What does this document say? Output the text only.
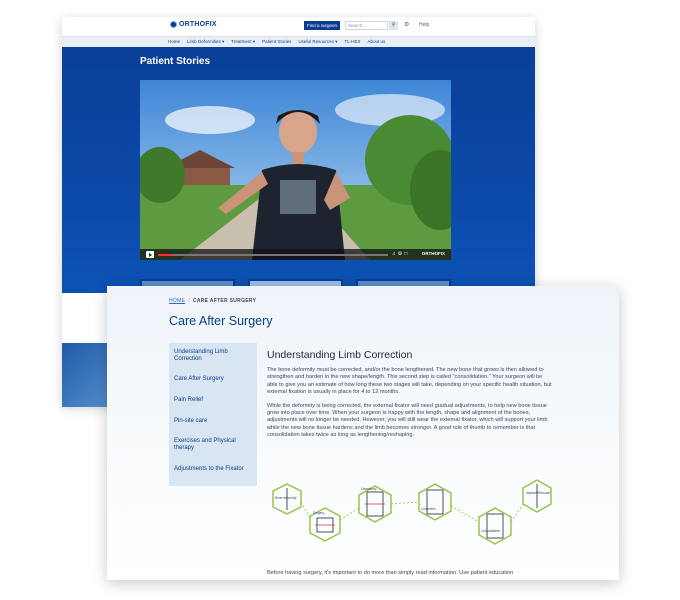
ORTHOFIX	Find a surgeon	Search...	⚲	⚙ Help
Home Limb Deformities ▾ Treatment ▾ Patient Stories Useful Resources ▾ TL-HEX About us
Patient Stories
♫⚙□	ORTHOFIX
HOME / CARE AFTER SURGERY
Care After Surgery
Understanding Limb Correction
Care After Surgery
Pain Relief
Pin-site care
Exercises and Physical therapy
Adjustments to the Fixator
Understanding Limb Correction

The bone deformity must be corrected, and/or the bone lengthened. The new bone that grows is then allowed to strengthen and harden in the new shape/length. This second step is called "consolidation." Your surgeon will be able to give you an estimate of how long these two stages will take, depending on your specific health situation, but external fixation is usually in place for 4 to 12 months.

While the deformity is being corrected, the external fixator will need gradual adjustments, to help new bone tissue grow into place over time. When your surgeon is happy with the length, shape and alignment of the bones, adjustments will no longer be needed. However, you will still wear the external fixator, which will support your limb while the new bone tissue hardens and the limb becomes stronger. A good rule of thumb to remember is that consolidation takes twice as long as lengthening/reshaping.

Bone deformity
Surgery
Osteotomy
Correction
Consolidation
Implant Removal
Before having surgery, it's important to do more than simply read information. Use patient education
